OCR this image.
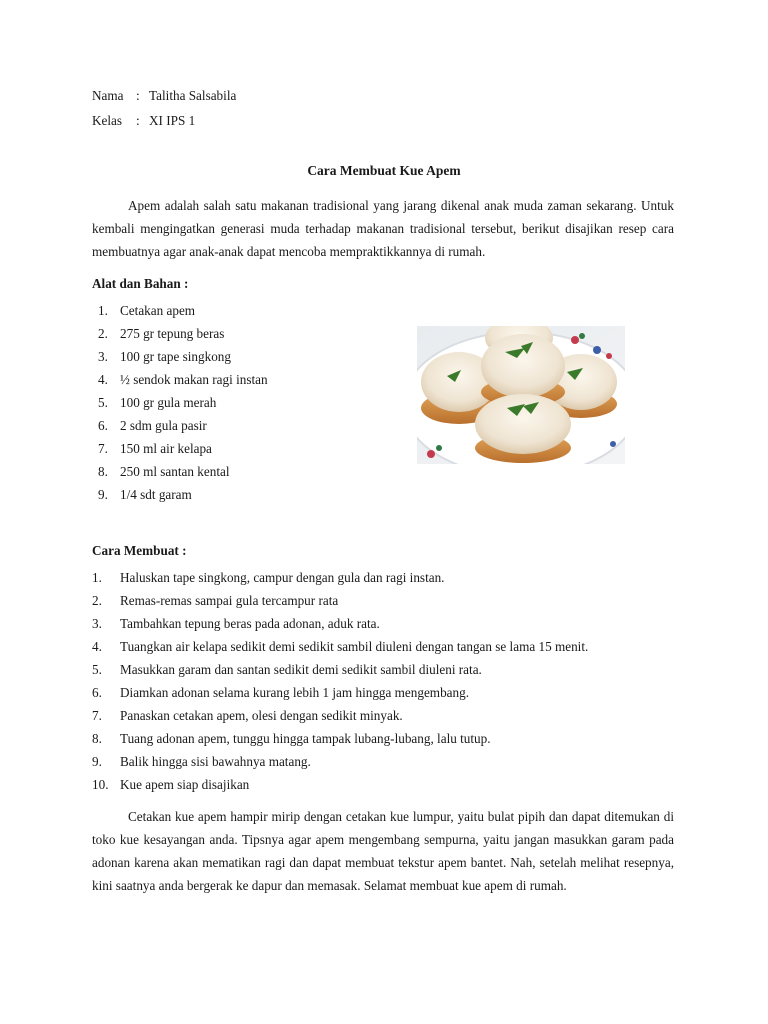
Nama : Talitha Salsabila
Kelas : XI IPS 1
Cara Membuat Kue Apem

Apem adalah salah satu makanan tradisional yang jarang dikenal anak muda zaman sekarang. Untuk kembali mengingatkan generasi muda terhadap makanan tradisional tersebut, berikut disajikan resep cara membuatnya agar anak-anak dapat mencoba mempraktikkannya di rumah.

Alat dan Bahan :
1. Cetakan apem
2. 275 gr tepung beras
3. 100 gr tape singkong
4. ½ sendok makan ragi instan
5. 100 gr gula merah
6. 2 sdm gula pasir
7. 150 ml air kelapa
8. 250 ml santan kental
9. 1/4 sdt garam
Cara Membuat :
1. Haluskan tape singkong, campur dengan gula dan ragi instan.
2. Remas-remas sampai gula tercampur rata
3. Tambahkan tepung beras pada adonan, aduk rata.
4. Tuangkan air kelapa sedikit demi sedikit sambil diuleni dengan tangan se lama 15 menit.
5. Masukkan garam dan santan sedikit demi sedikit sambil diuleni rata.
6. Diamkan adonan selama kurang lebih 1 jam hingga mengembang.
7. Panaskan cetakan apem, olesi dengan sedikit minyak.
8. Tuang adonan apem, tunggu hingga tampak lubang-lubang, lalu tutup.
9. Balik hingga sisi bawahnya matang.
10. Kue apem siap disajikan

Cetakan kue apem hampir mirip dengan cetakan kue lumpur, yaitu bulat pipih dan dapat ditemukan di toko kue kesayangan anda. Tipsnya agar apem mengembang sempurna, yaitu jangan masukkan garam pada adonan karena akan mematikan ragi dan dapat membuat tekstur apem bantet. Nah, setelah melihat resepnya, kini saatnya anda bergerak ke dapur dan memasak. Selamat membuat kue apem di rumah.
